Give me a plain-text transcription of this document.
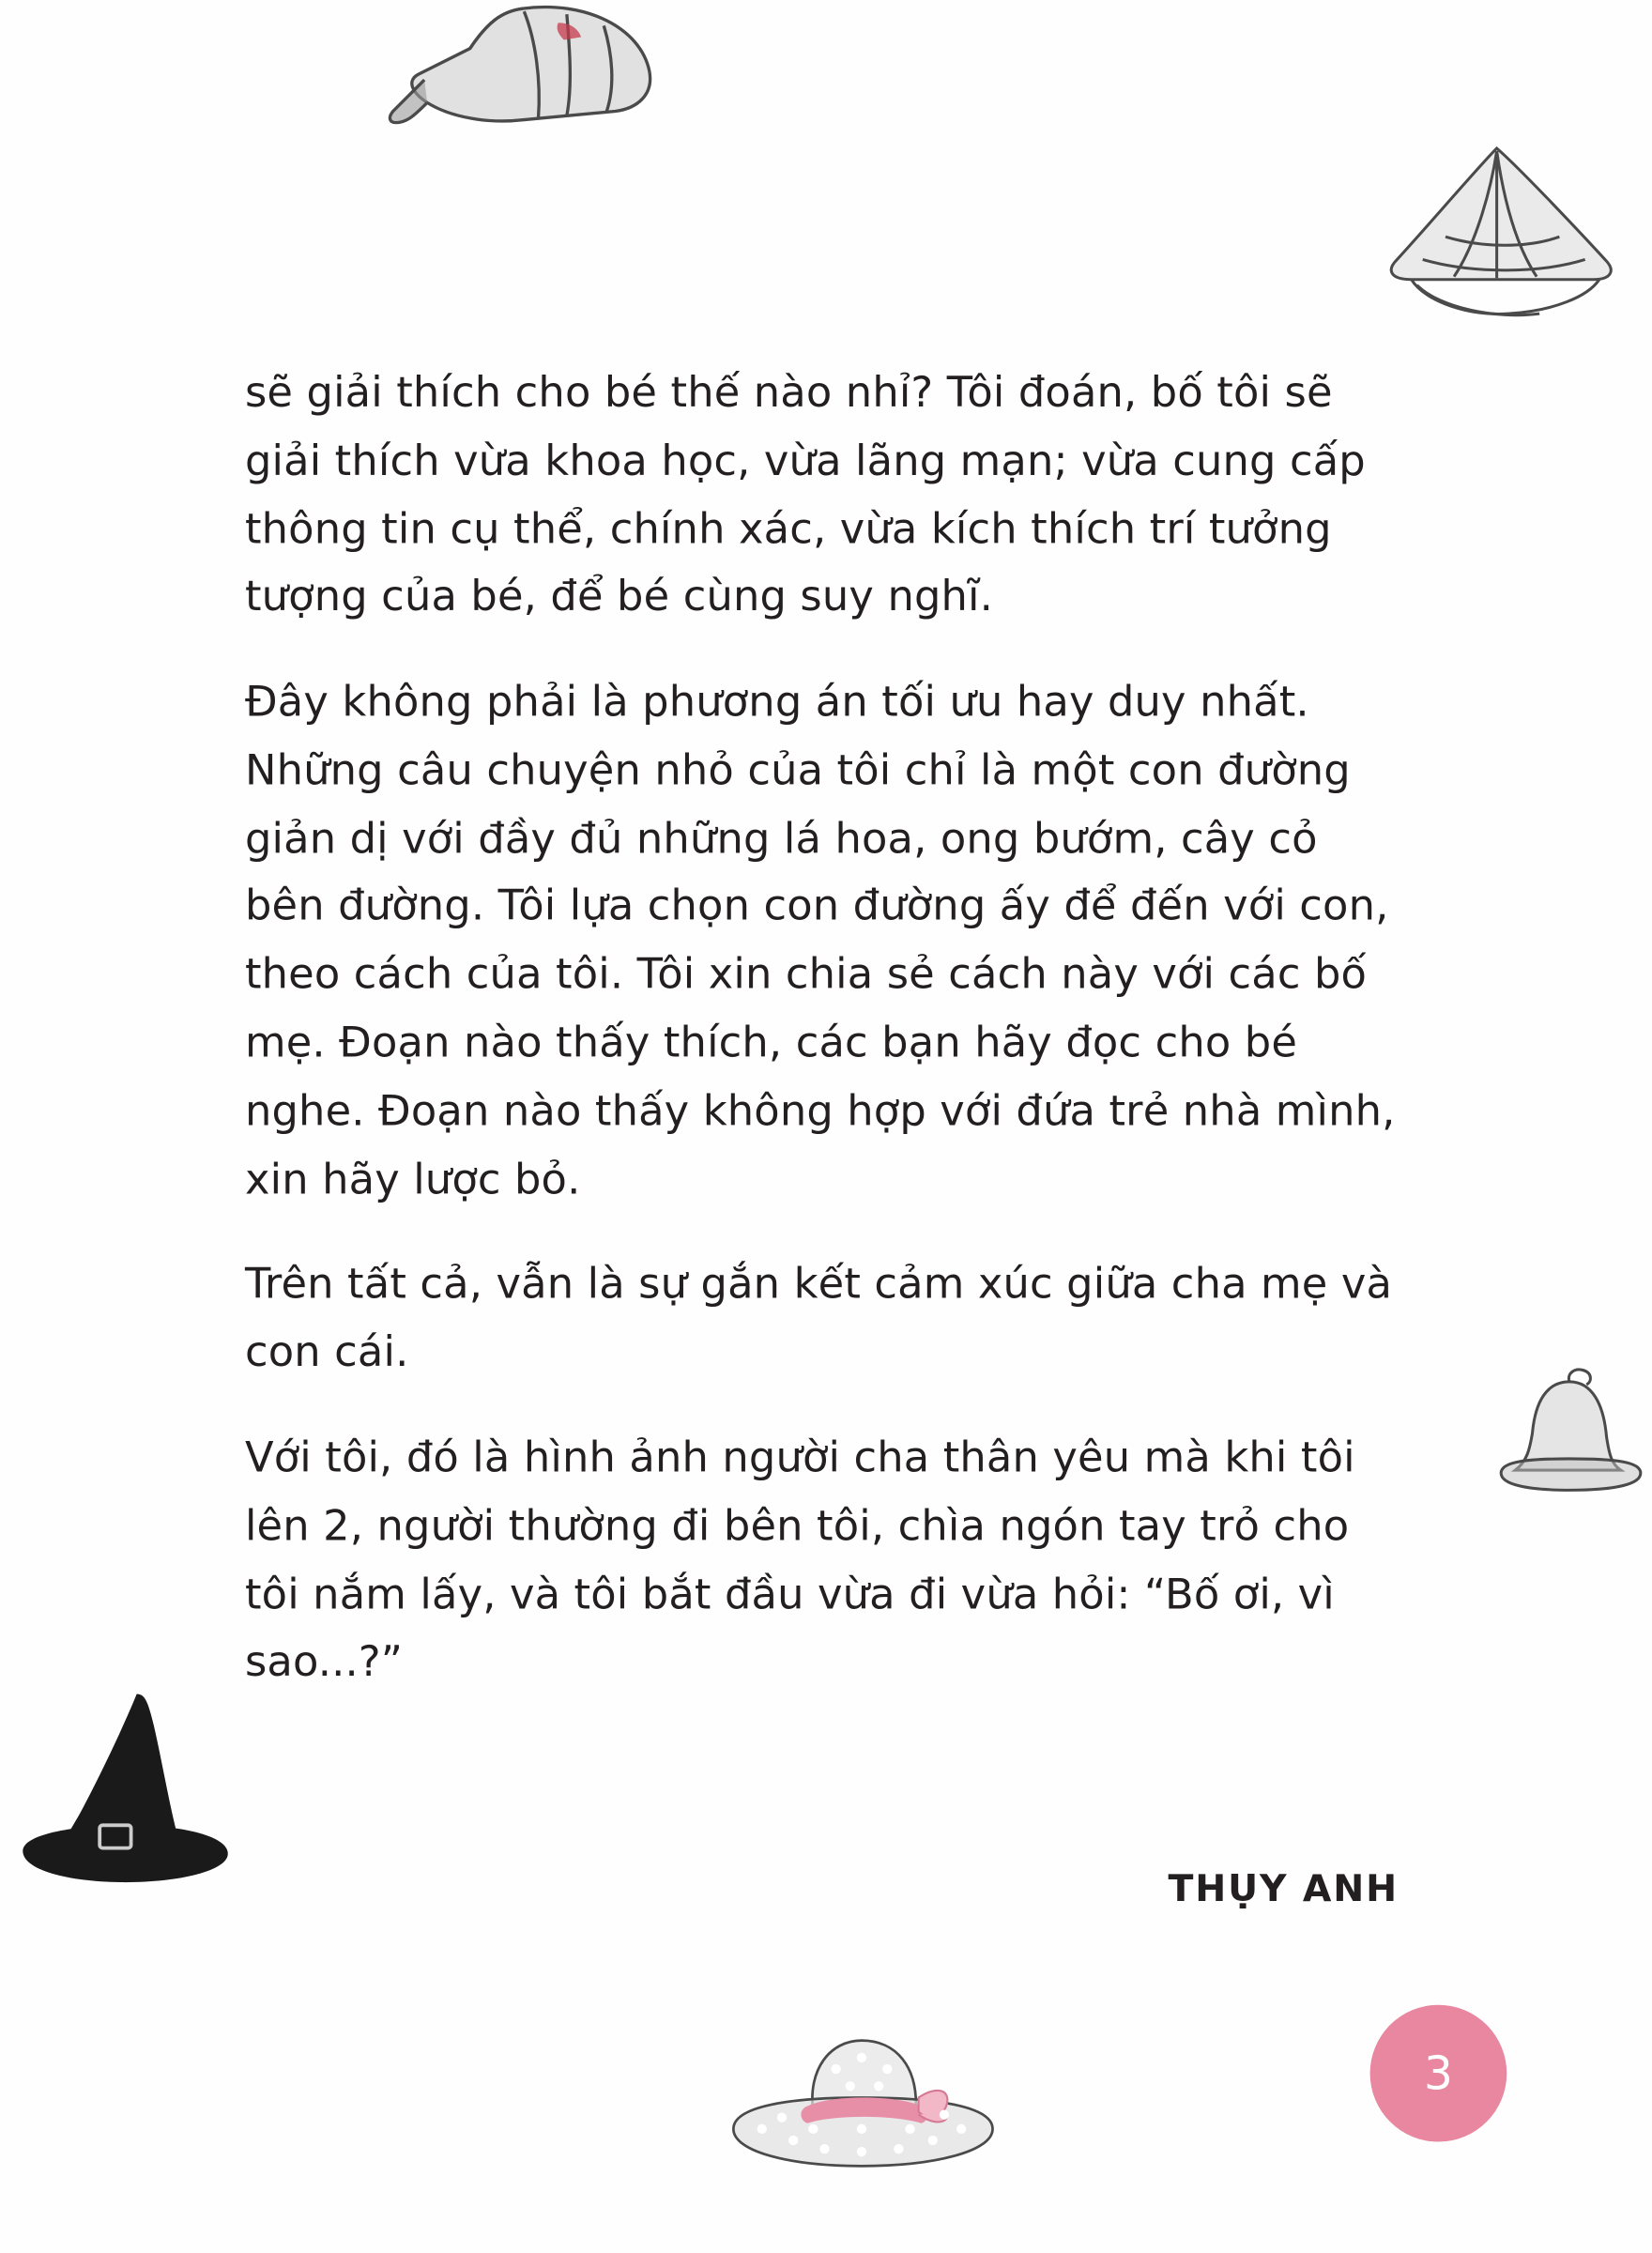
sẽ giải thích cho bé thế nào nhỉ? Tôi đoán, bố tôi sẽ giải thích vừa khoa học, vừa lãng mạn; vừa cung cấp thông tin cụ thể, chính xác, vừa kích thích trí tưởng tượng của bé, để bé cùng suy nghĩ.

Đây không phải là phương án tối ưu hay duy nhất. Những câu chuyện nhỏ của tôi chỉ là một con đường giản dị với đầy đủ những lá hoa, ong bướm, cây cỏ bên đường. Tôi lựa chọn con đường ấy để đến với con, theo cách của tôi. Tôi xin chia sẻ cách này với các bố mẹ. Đoạn nào thấy thích, các bạn hãy đọc cho bé nghe. Đoạn nào thấy không hợp với đứa trẻ nhà mình, xin hãy lược bỏ.

Trên tất cả, vẫn là sự gắn kết cảm xúc giữa cha mẹ và con cái.

Với tôi, đó là hình ảnh người cha thân yêu mà khi tôi lên 2, người thường đi bên tôi, chìa ngón tay trỏ cho tôi nắm lấy, và tôi bắt đầu vừa đi vừa hỏi: “Bố ơi, vì sao...?”

THỤY ANH
3
